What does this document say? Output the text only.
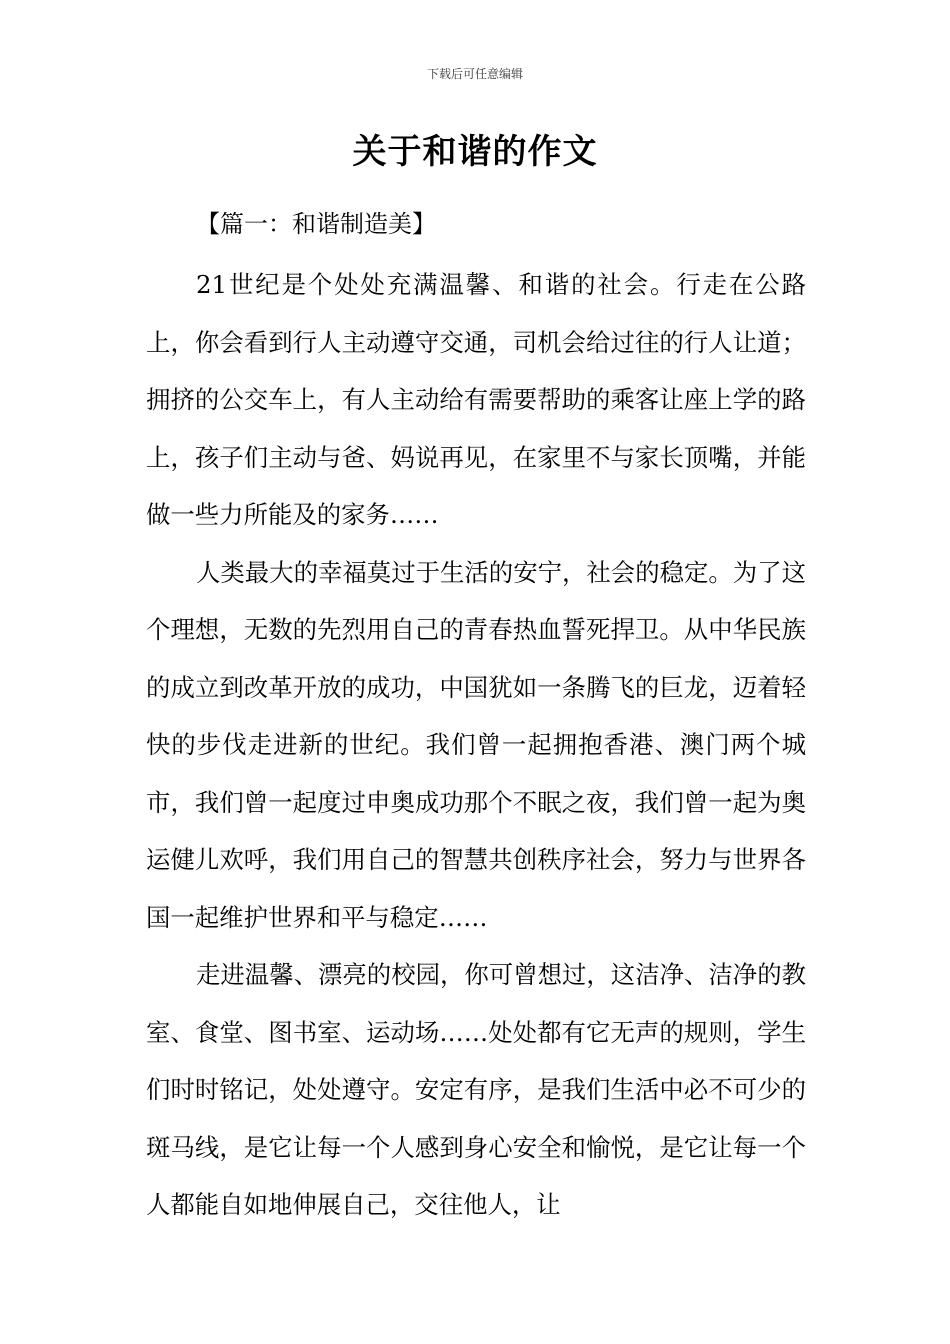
下载后可任意编辑
关于和谐的作文
【篇一：和谐制造美】

21世纪是个处处充满温馨、和谐的社会。行走在公路上，你会看到行人主动遵守交通，司机会给过往的行人让道；拥挤的公交车上，有人主动给有需要帮助的乘客让座上学的路上，孩子们主动与爸、妈说再见，在家里不与家长顶嘴，并能做一些力所能及的家务……

人类最大的幸福莫过于生活的安宁，社会的稳定。为了这个理想，无数的先烈用自己的青春热血誓死捍卫。从中华民族的成立到改革开放的成功，中国犹如一条腾飞的巨龙，迈着轻快的步伐走进新的世纪。我们曾一起拥抱香港、澳门两个城市，我们曾一起度过申奥成功那个不眠之夜，我们曾一起为奥运健儿欢呼，我们用自己的智慧共创秩序社会，努力与世界各国一起维护世界和平与稳定……

走进温馨、漂亮的校园，你可曾想过，这洁净、洁净的教室、食堂、图书室、运动场……处处都有它无声的规则，学生们时时铭记，处处遵守。安定有序，是我们生活中必不可少的斑马线，是它让每一个人感到身心安全和愉悦，是它让每一个人都能自如地伸展自己，交往他人，让
